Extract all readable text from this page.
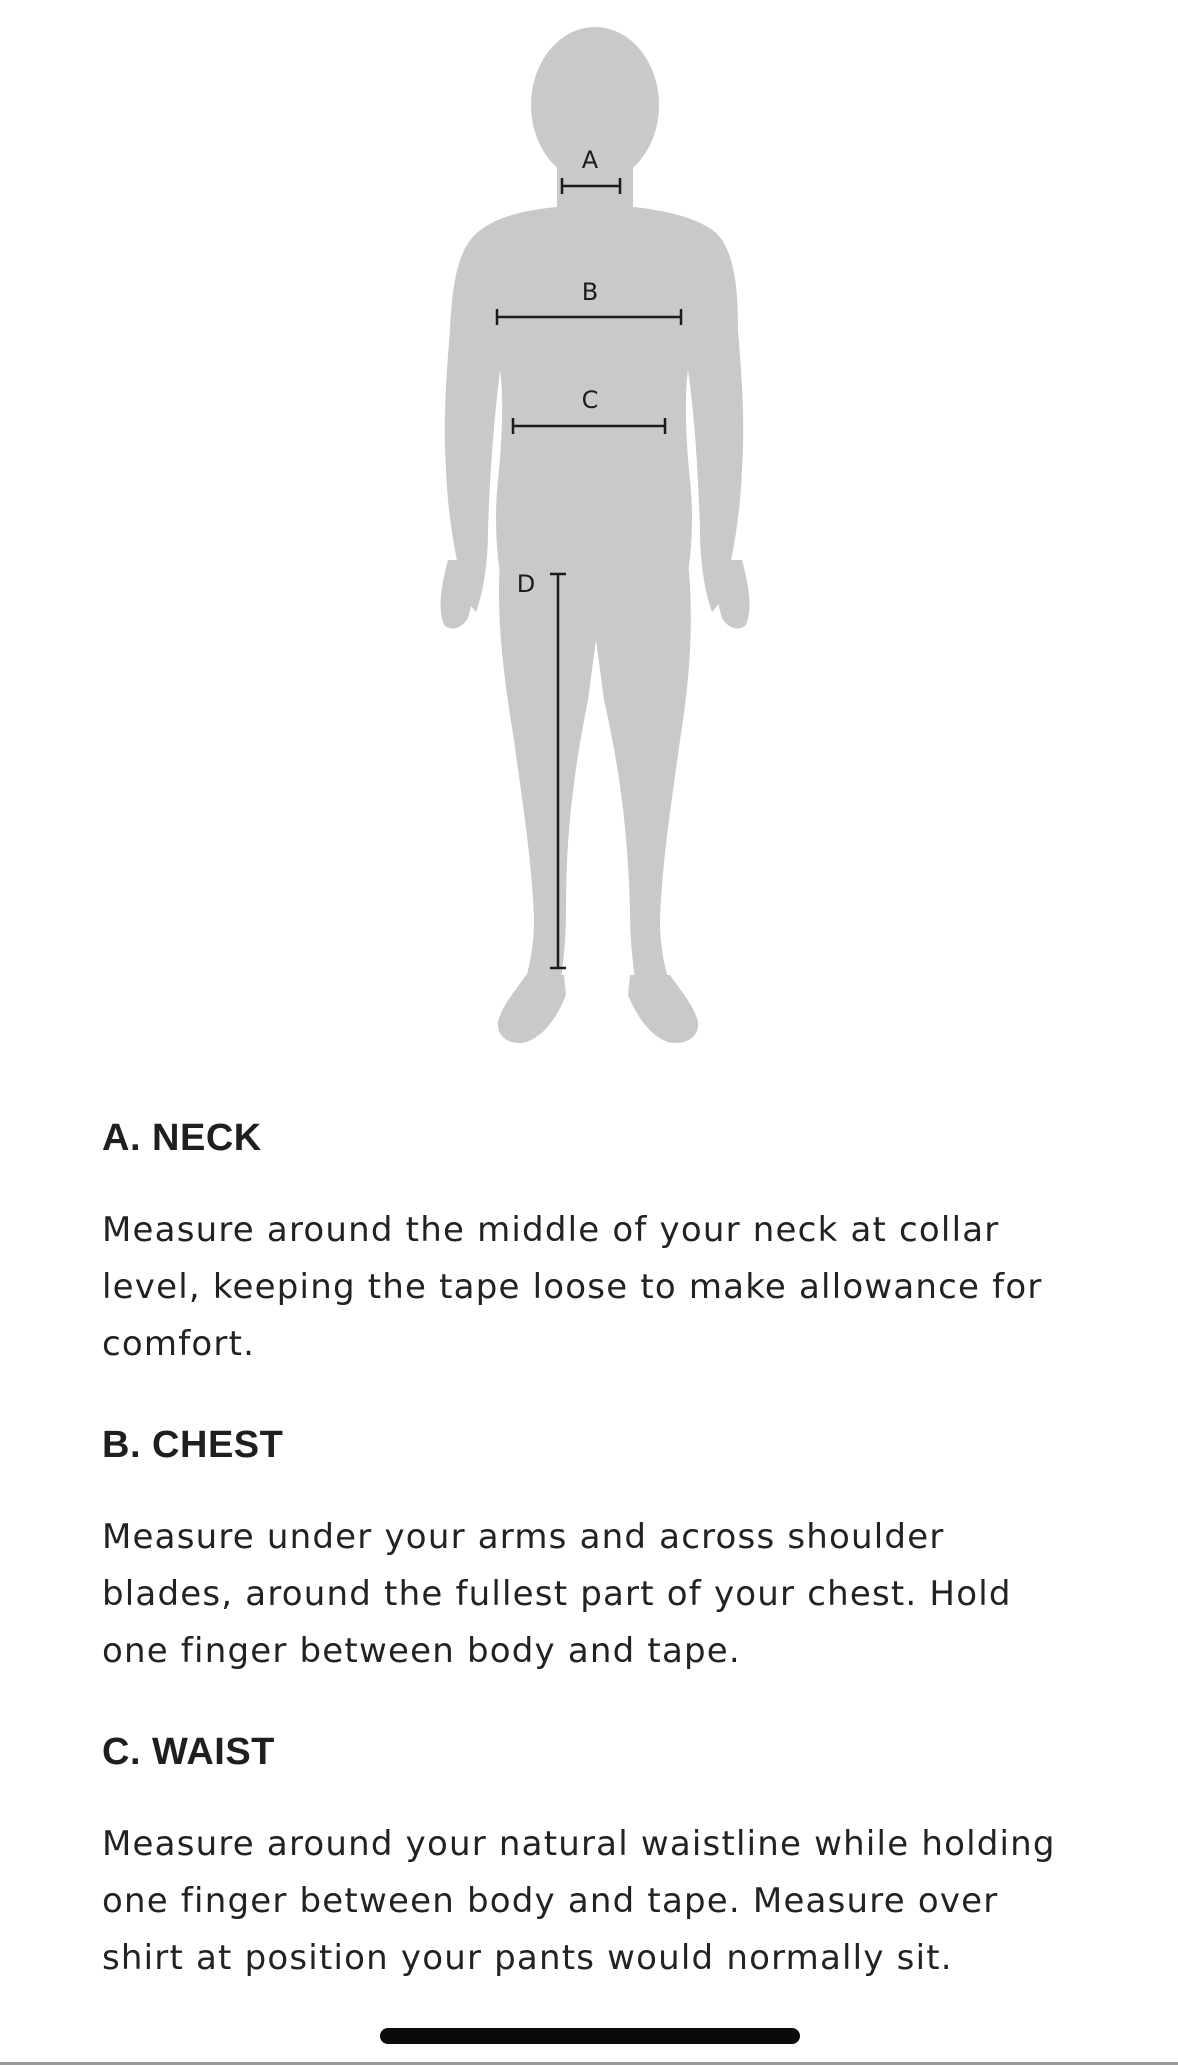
A
B
C
D
A. NECK

Measure around the middle of your neck at collar
level, keeping the tape loose to make allowance for
comfort.

B. CHEST

Measure under your arms and across shoulder
blades, around the fullest part of your chest. Hold
one finger between body and tape.

C. WAIST

Measure around your natural waistline while holding
one finger between body and tape. Measure over
shirt at position your pants would normally sit.
